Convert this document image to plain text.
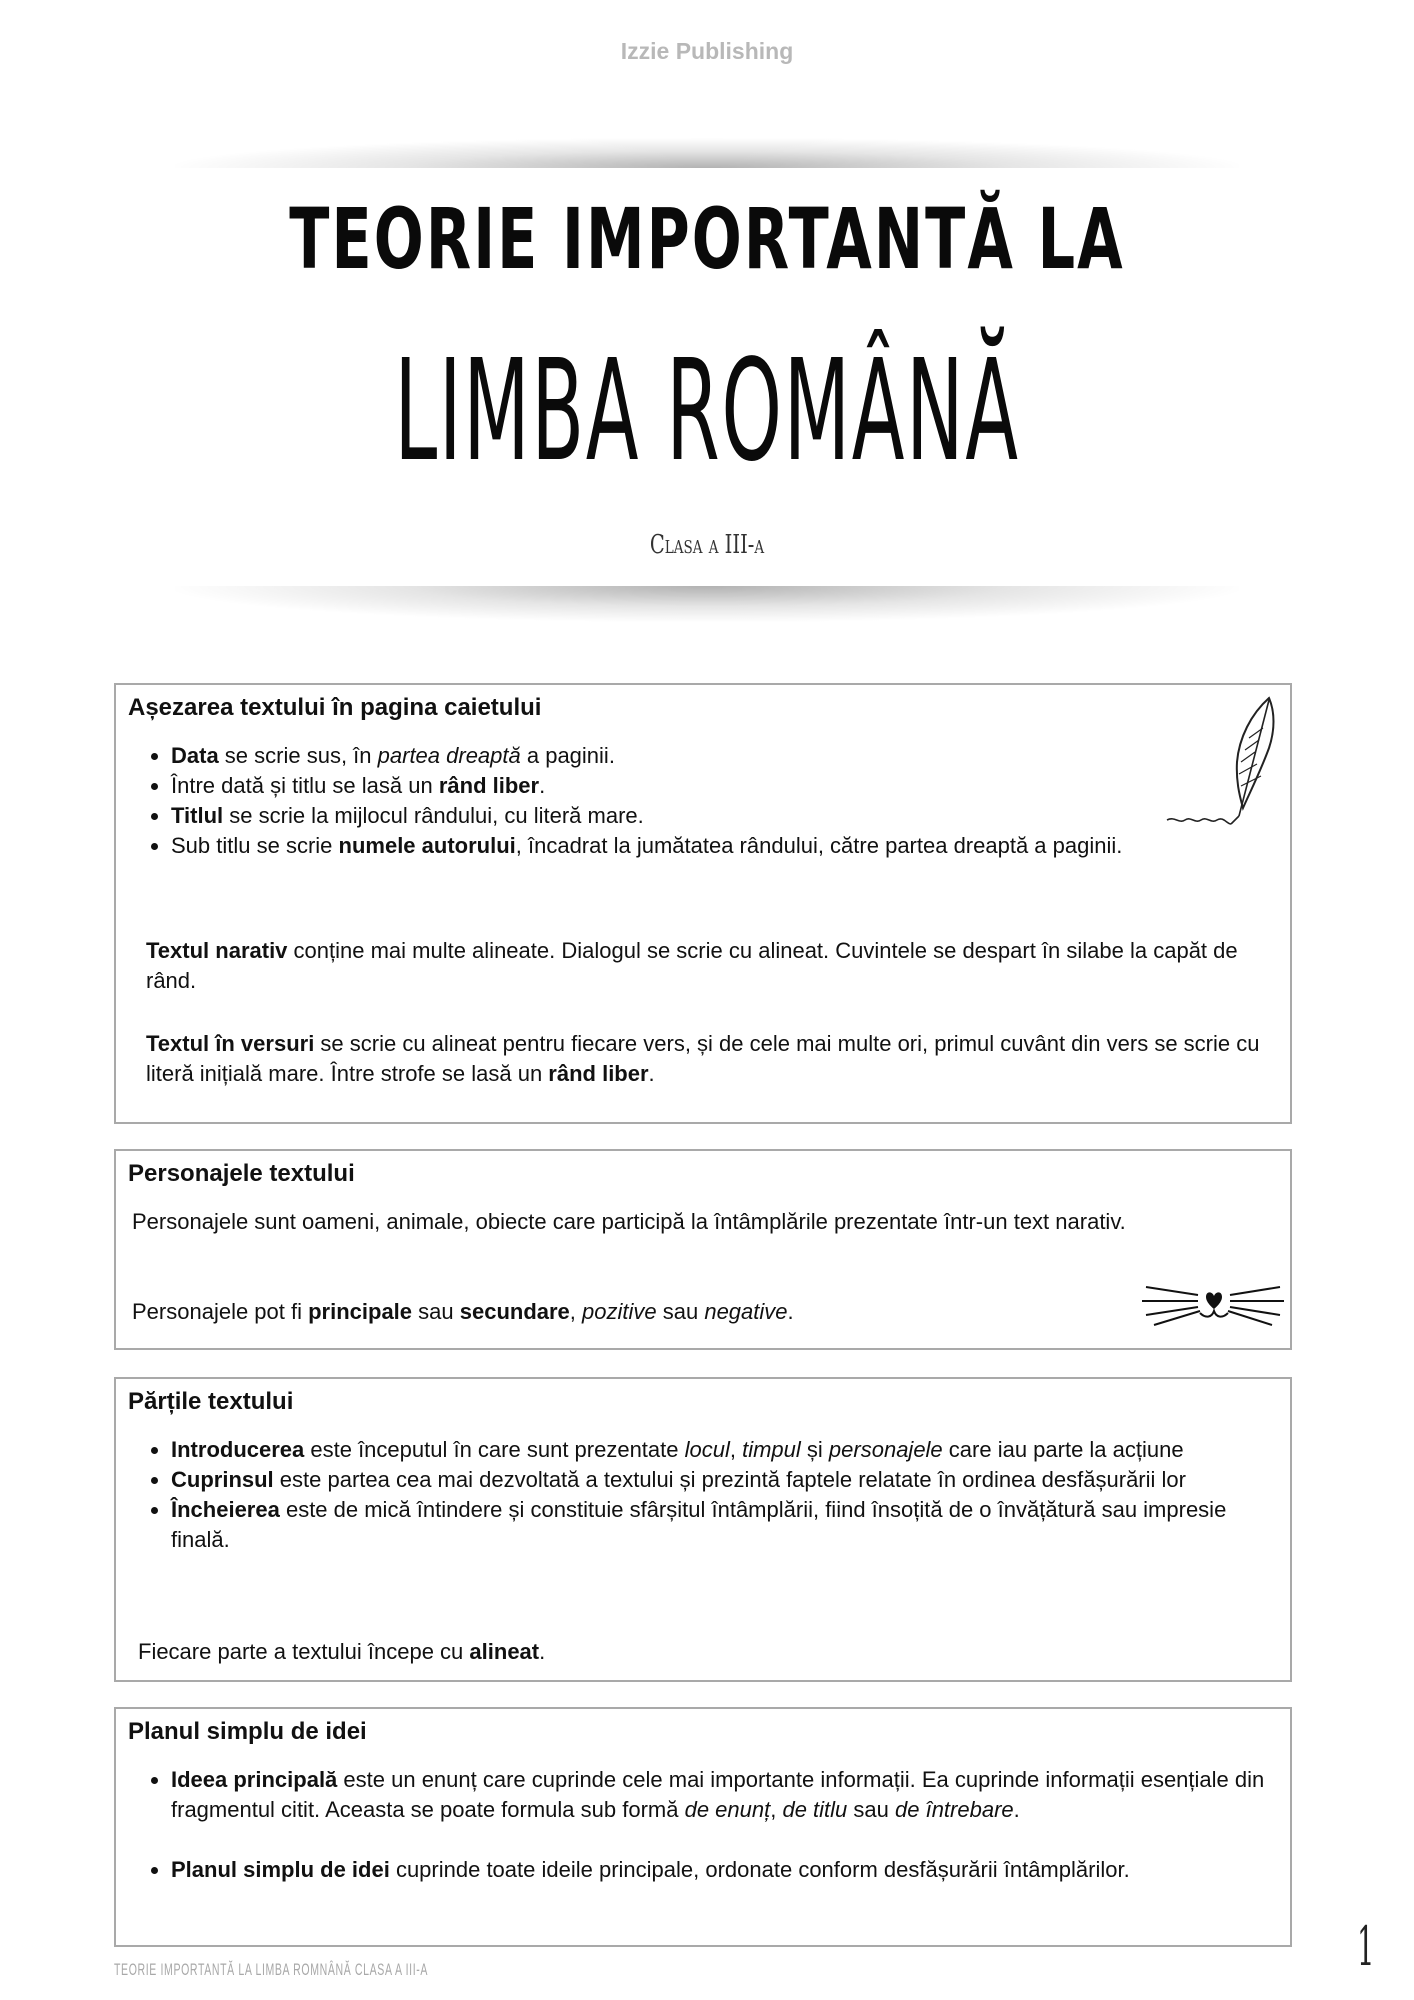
Izzie Publishing
TEORIE IMPORTANTĂ LA
LIMBA ROMÂNĂ
Clasa a III-a
Așezarea textului în pagina caietului
• Data se scrie sus, în partea dreaptă a paginii.
• Între dată și titlu se lasă un rând liber.
• Titlul se scrie la mijlocul rândului, cu literă mare.
• Sub titlu se scrie numele autorului, încadrat la jumătatea rândului, către partea dreaptă a paginii.

Textul narativ conține mai multe alineate. Dialogul se scrie cu alineat. Cuvintele se despart în silabe la capăt de rând.

Textul în versuri se scrie cu alineat pentru fiecare vers, și de cele mai multe ori, primul cuvânt din vers se scrie cu literă inițială mare. Între strofe se lasă un rând liber.

Personajele textului

Personajele sunt oameni, animale, obiecte care participă la întâmplările prezentate într-un text narativ.

Personajele pot fi principale sau secundare, pozitive sau negative.

Părțile textului
• Introducerea este începutul în care sunt prezentate locul, timpul și personajele care iau parte la acțiune
• Cuprinsul este partea cea mai dezvoltată a textului și prezintă faptele relatate în ordinea desfășurării lor
• Încheierea este de mică întindere și constituie sfârșitul întâmplării, fiind însoțită de o învățătură sau impresie finală.

Fiecare parte a textului începe cu alineat.

Planul simplu de idei
• Ideea principală este un enunț care cuprinde cele mai importante informații. Ea cuprinde informații esențiale din fragmentul citit. Aceasta se poate formula sub formă de enunț, de titlu sau de întrebare.
• Planul simplu de idei cuprinde toate ideile principale, ordonate conform desfășurării întâmplărilor.
TEORIE IMPORTANTĂ LA LIMBA ROMNÂNĂ CLASA A III-A	1
